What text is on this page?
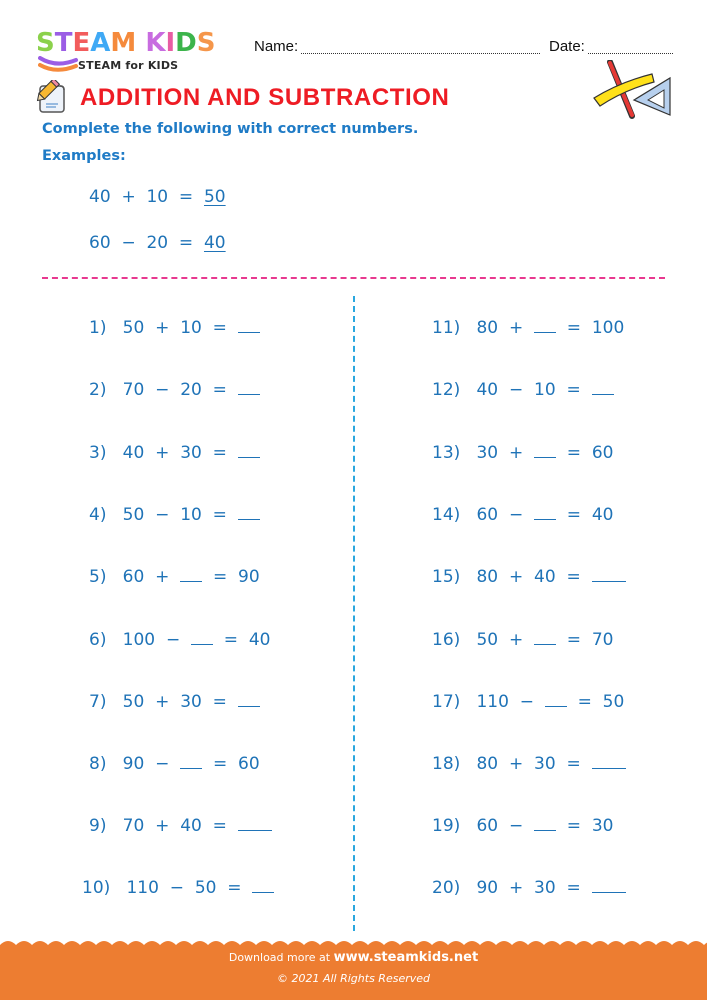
STEAM KIDS
STEAM for KIDS
Name:	Date:
ADDITION AND SUBTRACTION
Complete the following with correct numbers.
Examples:
40  +  10  =  50
60  −  20  =  40
1) 50 + 10  =
2) 70 − 20  =
3) 40 + 30  =
4) 50 − 10  =
5) 60 +    =  90
6) 100 −    =  40
7) 50 + 30  =
8) 90 −    =  60
9) 70 + 40  =
10) 110 − 50  =
11) 80 +    =  100
12) 40 − 10  =
13) 30 +    =  60
14) 60 −    =  40
15) 80 + 40  =
16) 50 +    =  70
17) 110 −    =  50
18) 80 + 30  =
19) 60 −    =  30
20) 90 + 30  =
Download more at www.steamkids.net
© 2021 All Rights Reserved
